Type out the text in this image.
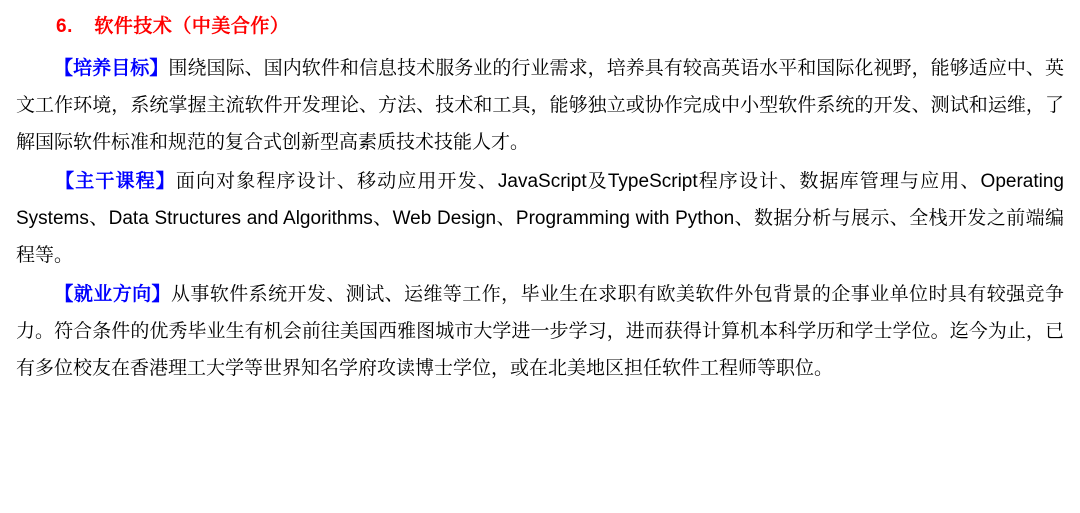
6. 软件技术（中美合作）

【培养目标】围绕国际、国内软件和信息技术服务业的行业需求，培养具有较高英语水平和国际化视野，能够适应中、英文工作环境，系统掌握主流软件开发理论、方法、技术和工具，能够独立或协作完成中小型软件系统的开发、测试和运维，了解国际软件标准和规范的复合式创新型高素质技术技能人才。

【主干课程】面向对象程序设计、移动应用开发、JavaScript及TypeScript程序设计、数据库管理与应用、Operating Systems、Data Structures and Algorithms、Web Design、Programming with Python、数据分析与展示、全栈开发之前端编程等。

【就业方向】从事软件系统开发、测试、运维等工作，毕业生在求职有欧美软件外包背景的企事业单位时具有较强竞争力。符合条件的优秀毕业生有机会前往美国西雅图城市大学进一步学习，进而获得计算机本科学历和学士学位。迄今为止，已有多位校友在香港理工大学等世界知名学府攻读博士学位，或在北美地区担任软件工程师等职位。
